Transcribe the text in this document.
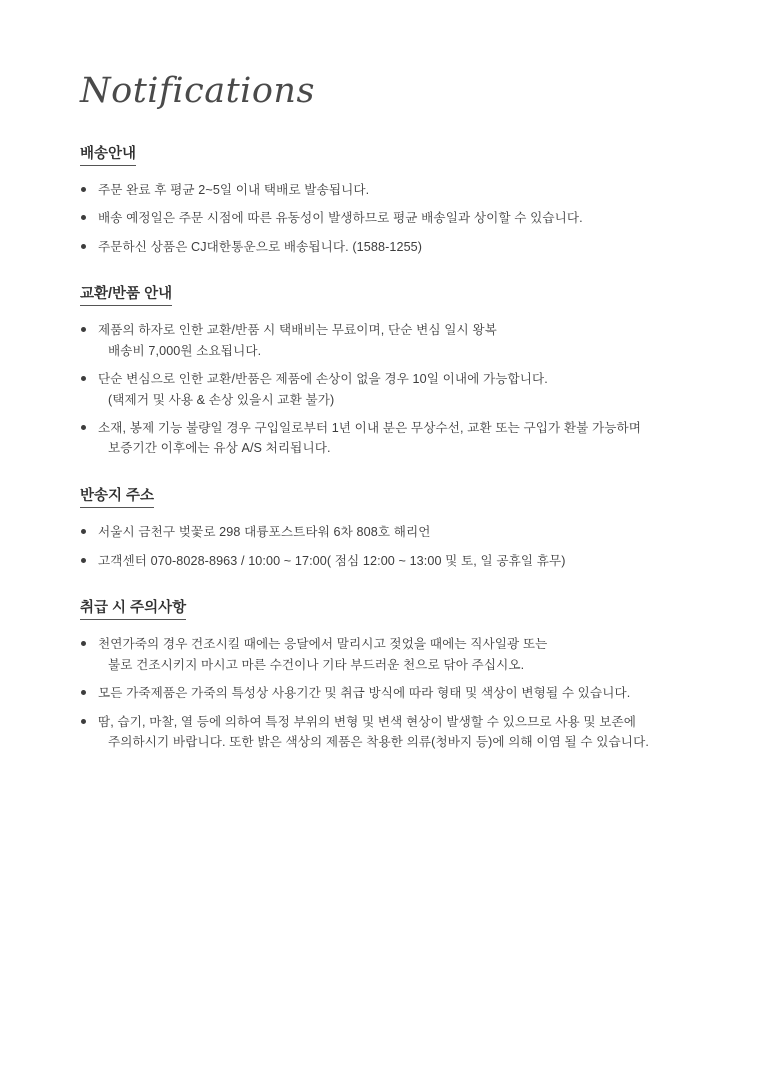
Notifications
배송안내
주문 완료 후 평균 2~5일 이내 택배로 발송됩니다.
배송 예정일은 주문 시점에 따른 유동성이 발생하므로 평균 배송일과 상이할 수 있습니다.
주문하신 상품은 CJ대한통운으로 배송됩니다. (1588-1255)
교환/반품 안내
제품의 하자로 인한 교환/반품 시 택배비는 무료이며, 단순 변심 일시 왕복
배송비 7,000원 소요됩니다.
단순 변심으로 인한 교환/반품은 제품에 손상이 없을 경우 10일 이내에 가능합니다.
(택제거 및 사용 & 손상 있을시 교환 불가)
소재, 봉제 기능 불량일 경우 구입일로부터 1년 이내 분은 무상수선, 교환 또는 구입가 환불 가능하며
보증기간 이후에는 유상 A/S 처리됩니다.
반송지 주소
서울시 금천구 벚꽃로 298 대륭포스트타워 6차 808호 해리언
고객센터 070-8028-8963 / 10:00 ~ 17:00( 점심 12:00 ~ 13:00 및 토, 일 공휴일 휴무)
취급 시 주의사항
천연가죽의 경우 건조시킬 때에는 응달에서 말리시고 젖었을 때에는 직사일광 또는
불로 건조시키지 마시고 마른 수건이나 기타 부드러운 천으로 닦아 주십시오.
모든 가죽제품은 가죽의 특성상 사용기간 및 취급 방식에 따라 형태 및 색상이 변형될 수 있습니다.
땀, 습기, 마찰, 열 등에 의하여 특정 부위의 변형 및 변색 현상이 발생할 수 있으므로 사용 및 보존에
주의하시기 바랍니다. 또한 밝은 색상의 제품은 착용한 의류(청바지 등)에 의해 이염 될 수 있습니다.
